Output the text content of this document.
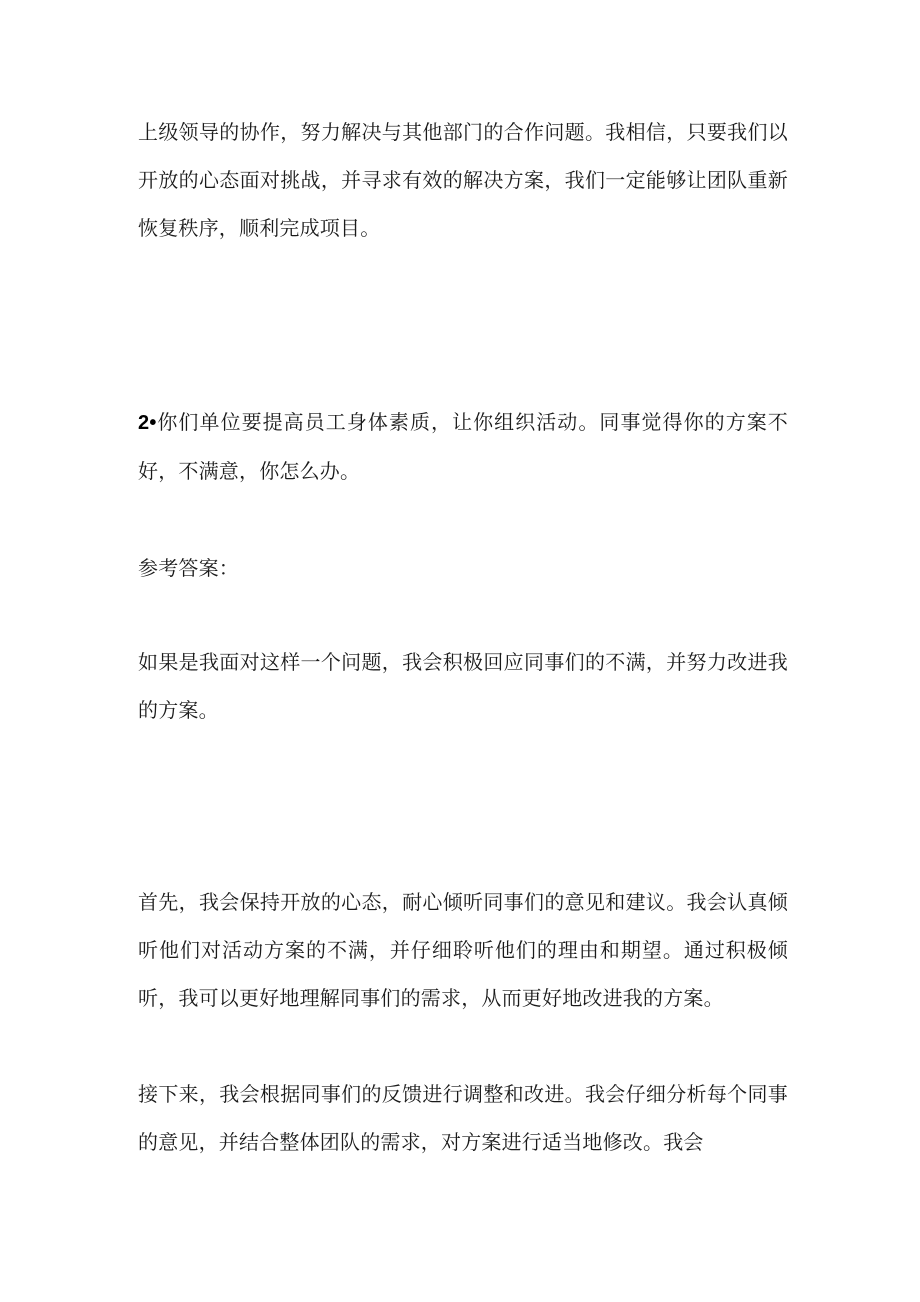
上级领导的协作，努力解决与其他部门的合作问题。我相信，只要我们以开放的心态面对挑战，并寻求有效的解决方案，我们一定能够让团队重新恢复秩序，顺利完成项目。

2•你们单位要提高员工身体素质，让你组织活动。同事觉得你的方案不好，不满意，你怎么办。

参考答案：

如果是我面对这样一个问题，我会积极回应同事们的不满，并努力改进我的方案。

首先，我会保持开放的心态，耐心倾听同事们的意见和建议。我会认真倾听他们对活动方案的不满，并仔细聆听他们的理由和期望。通过积极倾听，我可以更好地理解同事们的需求，从而更好地改进我的方案。

接下来，我会根据同事们的反馈进行调整和改进。我会仔细分析每个同事的意见，并结合整体团队的需求，对方案进行适当地修改。我会
